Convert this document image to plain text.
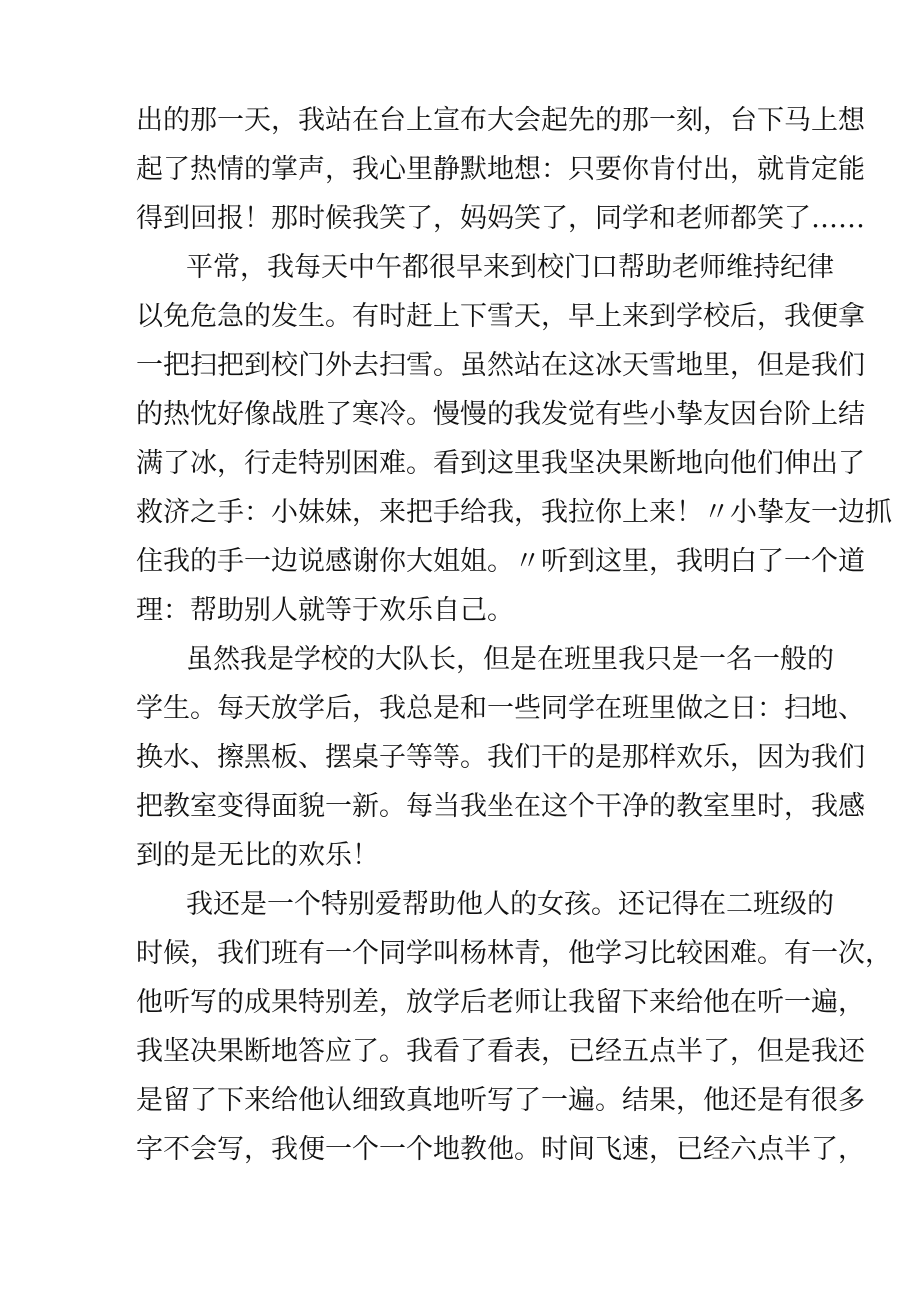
出的那一天，我站在台上宣布大会起先的那一刻，台下马上想
起了热情的掌声，我心里静默地想：只要你肯付出，就肯定能
得到回报！那时候我笑了，妈妈笑了，同学和老师都笑了……
平常，我每天中午都很早来到校门口帮助老师维持纪律
以免危急的发生。有时赶上下雪天，早上来到学校后，我便拿
一把扫把到校门外去扫雪。虽然站在这冰天雪地里，但是我们
的热忱好像战胜了寒冷。慢慢的我发觉有些小挚友因台阶上结
满了冰，行走特别困难。看到这里我坚决果断地向他们伸出了
救济之手：小妹妹，来把手给我，我拉你上来！〃小挚友一边抓
住我的手一边说感谢你大姐姐。〃听到这里，我明白了一个道
理：帮助别人就等于欢乐自己。
虽然我是学校的大队长，但是在班里我只是一名一般的
学生。每天放学后，我总是和一些同学在班里做之日：扫地、
换水、擦黑板、摆桌子等等。我们干的是那样欢乐，因为我们
把教室变得面貌一新。每当我坐在这个干净的教室里时，我感
到的是无比的欢乐！
我还是一个特别爱帮助他人的女孩。还记得在二班级的
时候，我们班有一个同学叫杨林青，他学习比较困难。有一次，
他听写的成果特别差，放学后老师让我留下来给他在听一遍，
我坚决果断地答应了。我看了看表，已经五点半了，但是我还
是留了下来给他认细致真地听写了一遍。结果，他还是有很多
字不会写，我便一个一个地教他。时间飞速，已经六点半了，
